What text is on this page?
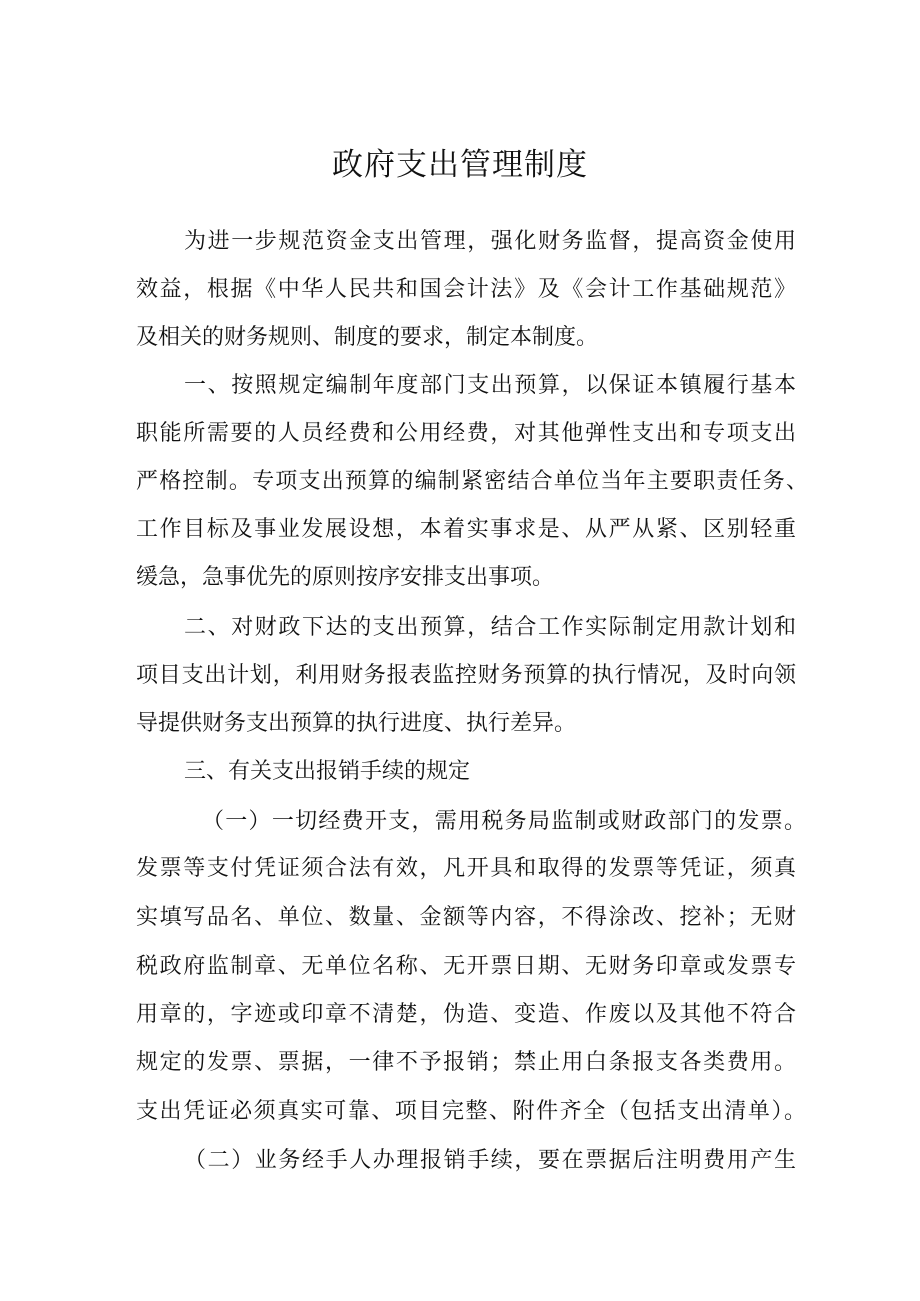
政府支出管理制度
为进一步规范资金支出管理，强化财务监督，提高资金使用
效益，根据《中华人民共和国会计法》及《会计工作基础规范》
及相关的财务规则、制度的要求，制定本制度。
一、按照规定编制年度部门支出预算，以保证本镇履行基本
职能所需要的人员经费和公用经费，对其他弹性支出和专项支出
严格控制。专项支出预算的编制紧密结合单位当年主要职责任务、
工作目标及事业发展设想，本着实事求是、从严从紧、区别轻重
缓急，急事优先的原则按序安排支出事项。
二、对财政下达的支出预算，结合工作实际制定用款计划和
项目支出计划，利用财务报表监控财务预算的执行情况，及时向领
导提供财务支出预算的执行进度、执行差异。
三、有关支出报销手续的规定
（一）一切经费开支，需用税务局监制或财政部门的发票。
发票等支付凭证须合法有效，凡开具和取得的发票等凭证，须真
实填写品名、单位、数量、金额等内容，不得涂改、挖补；无财
税政府监制章、无单位名称、无开票日期、无财务印章或发票专
用章的，字迹或印章不清楚，伪造、变造、作废以及其他不符合
规定的发票、票据，一律不予报销；禁止用白条报支各类费用。
支出凭证必须真实可靠、项目完整、附件齐全（包括支出清单）。
（二）业务经手人办理报销手续，要在票据后注明费用产生
